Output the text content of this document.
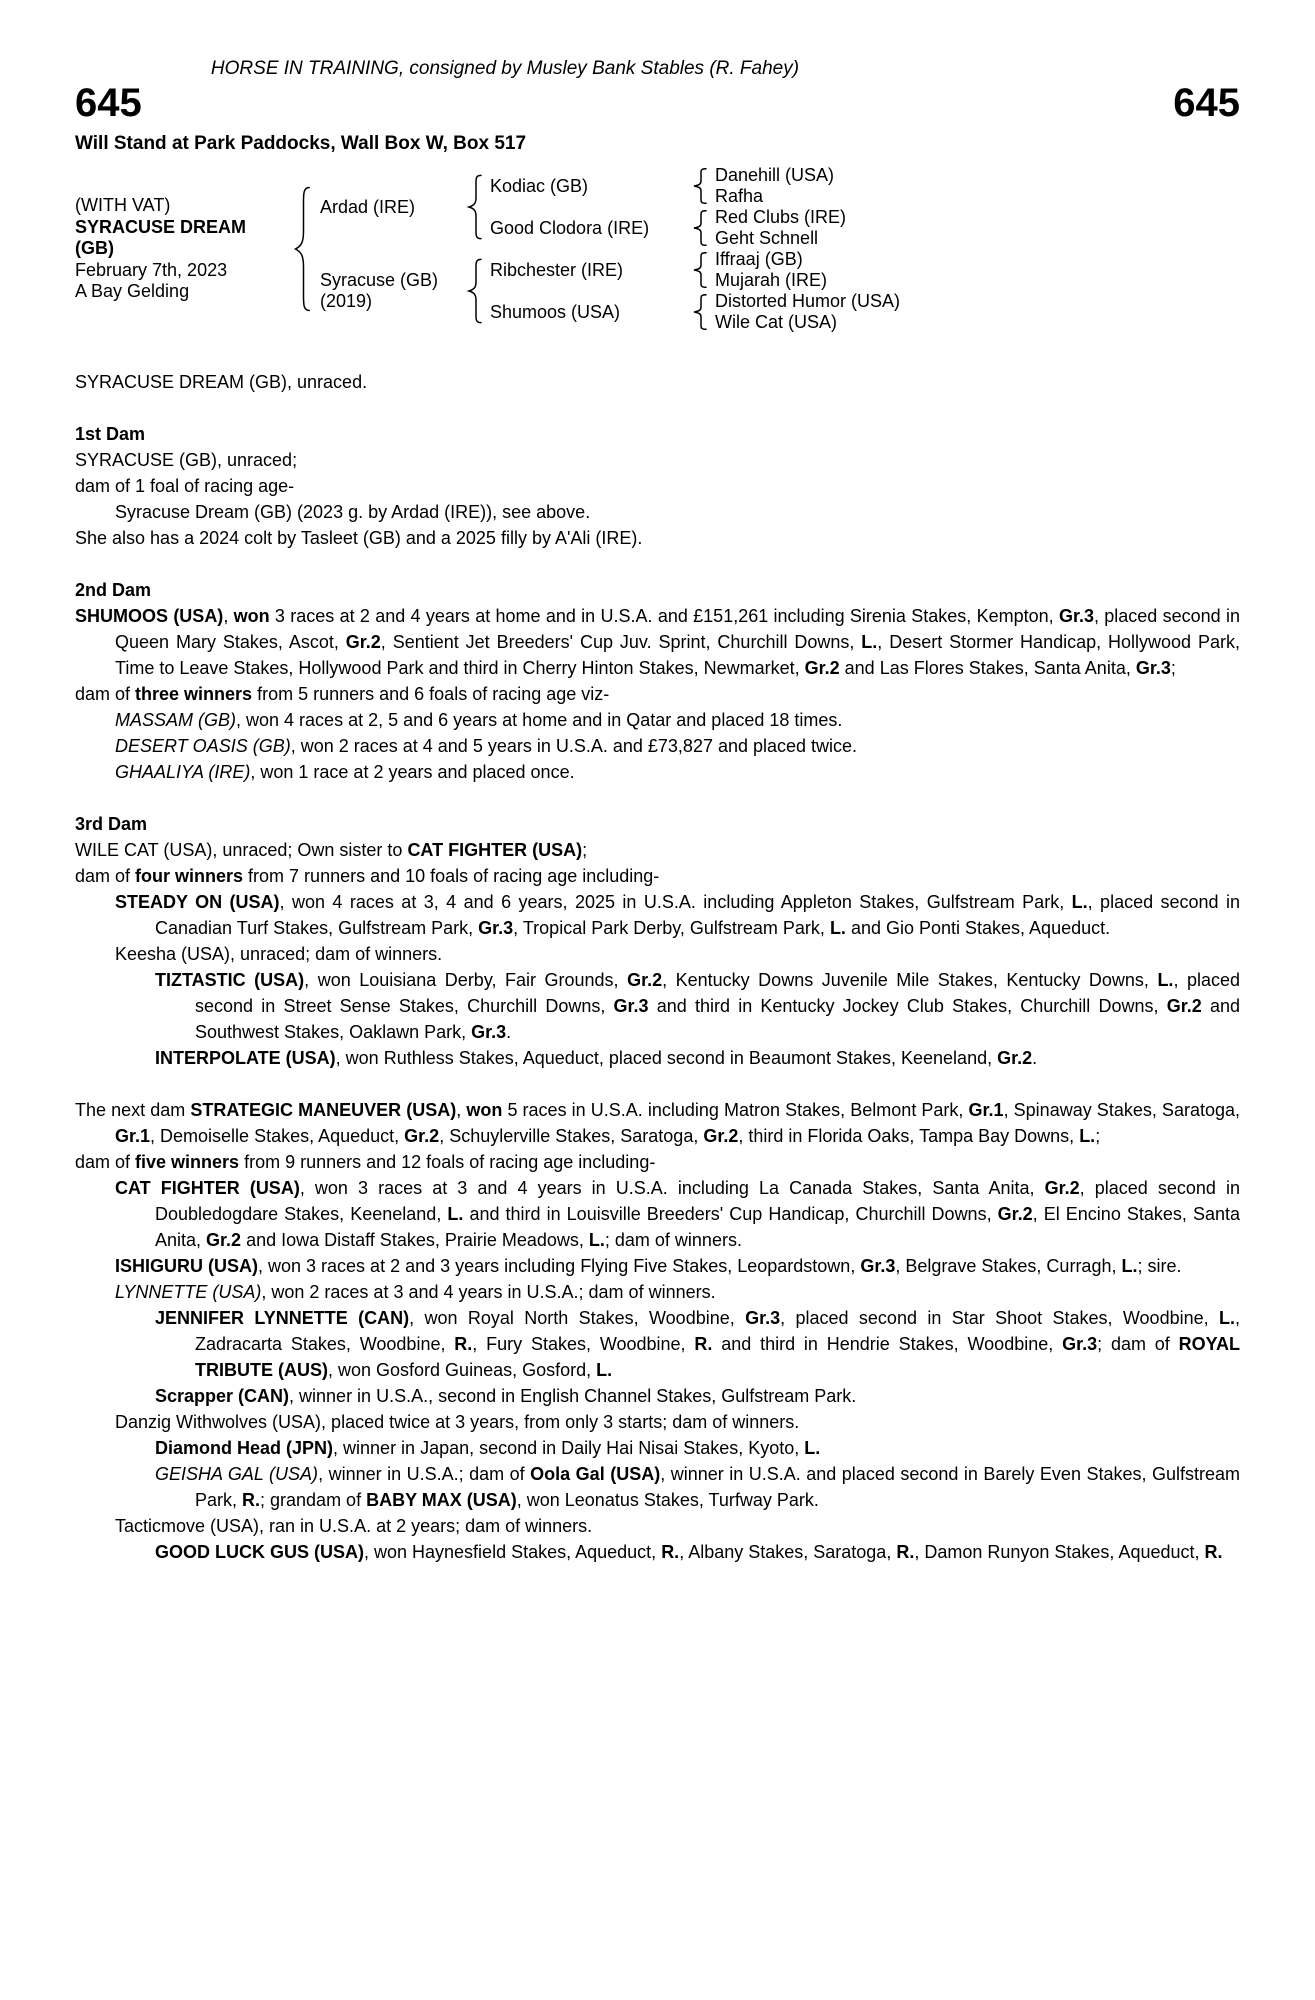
HORSE IN TRAINING, consigned by Musley Bank Stables (R. Fahey)
645	645
Will Stand at Park Paddocks, Wall Box W, Box 517
(WITH VAT)
SYRACUSE DREAM
(GB)
February 7th, 2023
A Bay Gelding
Ardad (IRE)
Syracuse (GB)
(2019)
Kodiac (GB)
Good Clodora (IRE)
Ribchester (IRE)
Shumoos (USA)
Danehill (USA)
Rafha
Red Clubs (IRE)
Geht Schnell
Iffraaj (GB)
Mujarah (IRE)
Distorted Humor (USA)
Wile Cat (USA)

SYRACUSE DREAM (GB), unraced.

1st Dam

SYRACUSE (GB), unraced;

dam of 1 foal of racing age-

Syracuse Dream (GB) (2023 g. by Ardad (IRE)), see above.

She also has a 2024 colt by Tasleet (GB) and a 2025 filly by A'Ali (IRE).

2nd Dam

SHUMOOS (USA), won 3 races at 2 and 4 years at home and in U.S.A. and £151,261 including Sirenia Stakes, Kempton, Gr.3, placed second in Queen Mary Stakes, Ascot, Gr.2, Sentient Jet Breeders' Cup Juv. Sprint, Churchill Downs, L., Desert Stormer Handicap, Hollywood Park, Time to Leave Stakes, Hollywood Park and third in Cherry Hinton Stakes, Newmarket, Gr.2 and Las Flores Stakes, Santa Anita, Gr.3;

dam of three winners from 5 runners and 6 foals of racing age viz-

MASSAM (GB), won 4 races at 2, 5 and 6 years at home and in Qatar and placed 18 times.

DESERT OASIS (GB), won 2 races at 4 and 5 years in U.S.A. and £73,827 and placed twice.

GHAALIYA (IRE), won 1 race at 2 years and placed once.

3rd Dam

WILE CAT (USA), unraced; Own sister to CAT FIGHTER (USA);

dam of four winners from 7 runners and 10 foals of racing age including-

STEADY ON (USA), won 4 races at 3, 4 and 6 years, 2025 in U.S.A. including Appleton Stakes, Gulfstream Park, L., placed second in Canadian Turf Stakes, Gulfstream Park, Gr.3, Tropical Park Derby, Gulfstream Park, L. and Gio Ponti Stakes, Aqueduct.

Keesha (USA), unraced; dam of winners.

TIZTASTIC (USA), won Louisiana Derby, Fair Grounds, Gr.2, Kentucky Downs Juvenile Mile Stakes, Kentucky Downs, L., placed second in Street Sense Stakes, Churchill Downs, Gr.3 and third in Kentucky Jockey Club Stakes, Churchill Downs, Gr.2 and Southwest Stakes, Oaklawn Park, Gr.3.

INTERPOLATE (USA), won Ruthless Stakes, Aqueduct, placed second in Beaumont Stakes, Keeneland, Gr.2.

The next dam STRATEGIC MANEUVER (USA), won 5 races in U.S.A. including Matron Stakes, Belmont Park, Gr.1, Spinaway Stakes, Saratoga, Gr.1, Demoiselle Stakes, Aqueduct, Gr.2, Schuylerville Stakes, Saratoga, Gr.2, third in Florida Oaks, Tampa Bay Downs, L.;

dam of five winners from 9 runners and 12 foals of racing age including-

CAT FIGHTER (USA), won 3 races at 3 and 4 years in U.S.A. including La Canada Stakes, Santa Anita, Gr.2, placed second in Doubledogdare Stakes, Keeneland, L. and third in Louisville Breeders' Cup Handicap, Churchill Downs, Gr.2, El Encino Stakes, Santa Anita, Gr.2 and Iowa Distaff Stakes, Prairie Meadows, L.; dam of winners.

ISHIGURU (USA), won 3 races at 2 and 3 years including Flying Five Stakes, Leopardstown, Gr.3, Belgrave Stakes, Curragh, L.; sire.

LYNNETTE (USA), won 2 races at 3 and 4 years in U.S.A.; dam of winners.

JENNIFER LYNNETTE (CAN), won Royal North Stakes, Woodbine, Gr.3, placed second in Star Shoot Stakes, Woodbine, L., Zadracarta Stakes, Woodbine, R., Fury Stakes, Woodbine, R. and third in Hendrie Stakes, Woodbine, Gr.3; dam of ROYAL TRIBUTE (AUS), won Gosford Guineas, Gosford, L.

Scrapper (CAN), winner in U.S.A., second in English Channel Stakes, Gulfstream Park.

Danzig Withwolves (USA), placed twice at 3 years, from only 3 starts; dam of winners.

Diamond Head (JPN), winner in Japan, second in Daily Hai Nisai Stakes, Kyoto, L.

GEISHA GAL (USA), winner in U.S.A.; dam of Oola Gal (USA), winner in U.S.A. and placed second in Barely Even Stakes, Gulfstream Park, R.; grandam of BABY MAX (USA), won Leonatus Stakes, Turfway Park.

Tacticmove (USA), ran in U.S.A. at 2 years; dam of winners.

GOOD LUCK GUS (USA), won Haynesfield Stakes, Aqueduct, R., Albany Stakes, Saratoga, R., Damon Runyon Stakes, Aqueduct, R.
